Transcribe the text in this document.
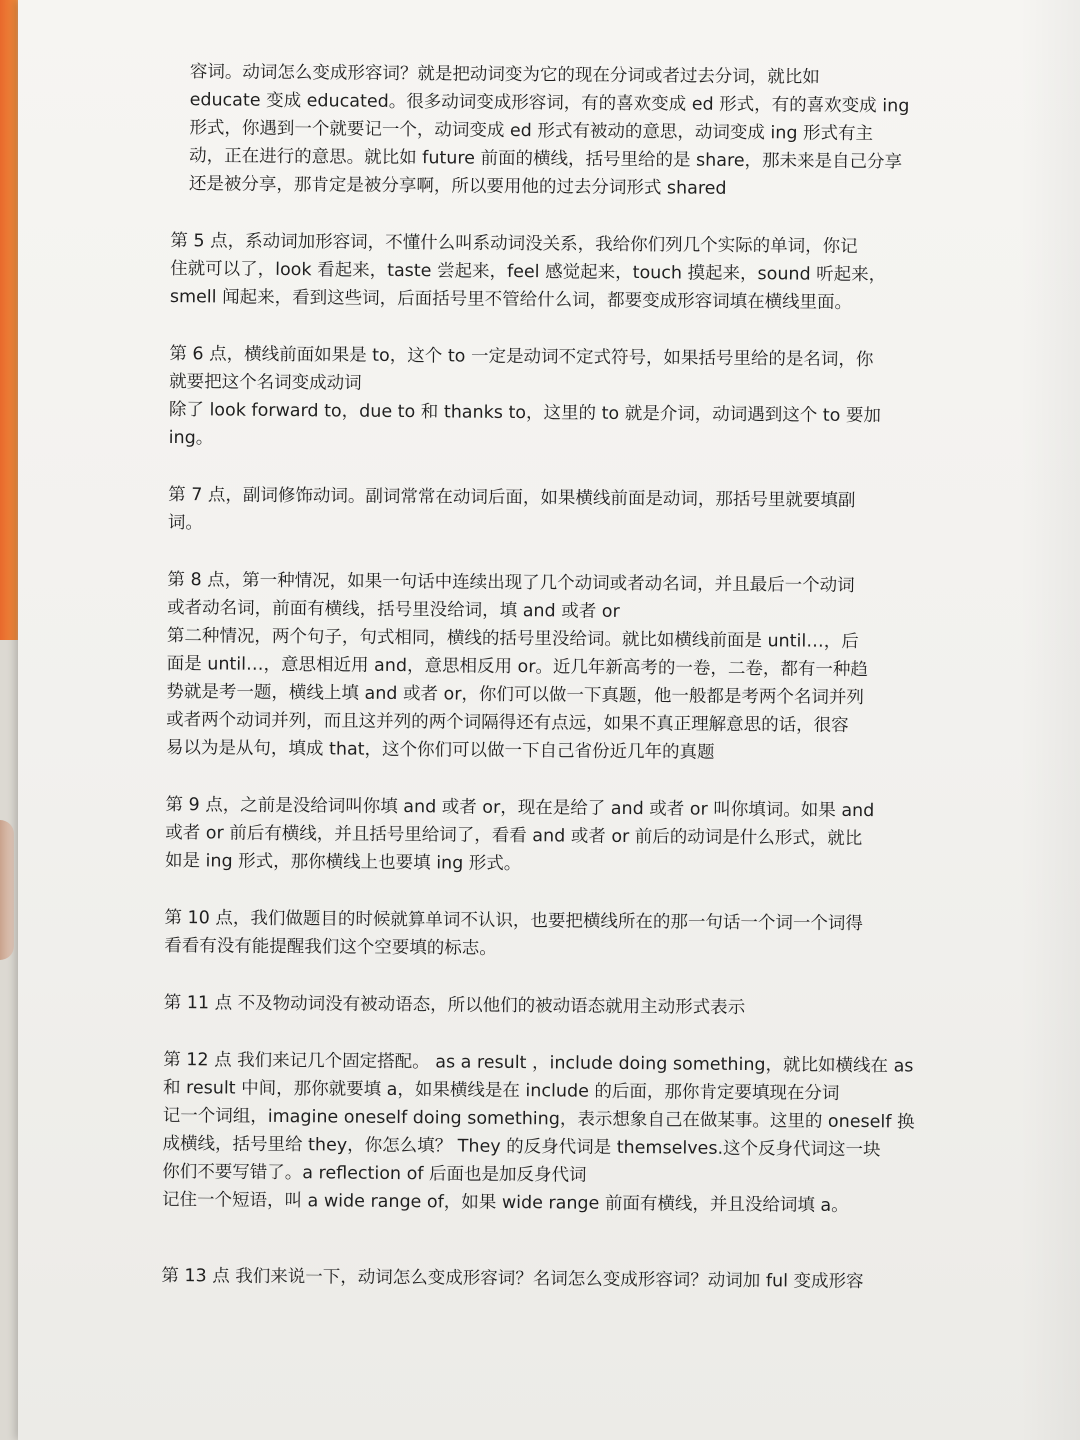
容词。动词怎么变成形容词？就是把动词变为它的现在分词或者过去分词，就比如
educate 变成 educated。很多动词变成形容词，有的喜欢变成 ed 形式，有的喜欢变成 ing
形式，你遇到一个就要记一个，动词变成 ed 形式有被动的意思，动词变成 ing 形式有主
动，正在进行的意思。就比如 future 前面的横线，括号里给的是 share，那未来是自己分享
还是被分享，那肯定是被分享啊，所以要用他的过去分词形式 shared

第 5 点，系动词加形容词，不懂什么叫系动词没关系，我给你们列几个实际的单词，你记
住就可以了，look 看起来，taste 尝起来，feel 感觉起来，touch 摸起来，sound 听起来，
smell 闻起来，看到这些词，后面括号里不管给什么词，都要变成形容词填在横线里面。

第 6 点，横线前面如果是 to，这个 to 一定是动词不定式符号，如果括号里给的是名词，你
就要把这个名词变成动词
除了 look forward to，due to 和 thanks to，这里的 to 就是介词，动词遇到这个 to 要加
ing。

第 7 点，副词修饰动词。副词常常在动词后面，如果横线前面是动词，那括号里就要填副
词。

第 8 点，第一种情况，如果一句话中连续出现了几个动词或者动名词，并且最后一个动词
或者动名词，前面有横线，括号里没给词，填 and 或者 or
第二种情况，两个句子，句式相同，横线的括号里没给词。就比如横线前面是 until…，后
面是 until…，意思相近用 and，意思相反用 or。近几年新高考的一卷，二卷，都有一种趋
势就是考一题，横线上填 and 或者 or，你们可以做一下真题，他一般都是考两个名词并列
或者两个动词并列，而且这并列的两个词隔得还有点远，如果不真正理解意思的话，很容
易以为是从句，填成 that，这个你们可以做一下自己省份近几年的真题

第 9 点，之前是没给词叫你填 and 或者 or，现在是给了 and 或者 or 叫你填词。如果 and
或者 or 前后有横线，并且括号里给词了，看看 and 或者 or 前后的动词是什么形式，就比
如是 ing 形式，那你横线上也要填 ing 形式。

第 10 点，我们做题目的时候就算单词不认识，也要把横线所在的那一句话一个词一个词得
看看有没有能提醒我们这个空要填的标志。

第 11 点 不及物动词没有被动语态，所以他们的被动语态就用主动形式表示

第 12 点 我们来记几个固定搭配。 as a result ，include doing something，就比如横线在 as
和 result 中间，那你就要填 a，如果横线是在 include 的后面，那你肯定要填现在分词
记一个词组，imagine oneself doing something，表示想象自己在做某事。这里的 oneself 换
成横线，括号里给 they，你怎么填？ They 的反身代词是 themselves.这个反身代词这一块
你们不要写错了。a reflection of 后面也是加反身代词
记住一个短语，叫 a wide range of，如果 wide range 前面有横线，并且没给词填 a。

第 13 点 我们来说一下，动词怎么变成形容词？名词怎么变成形容词？动词加 ful 变成形容
